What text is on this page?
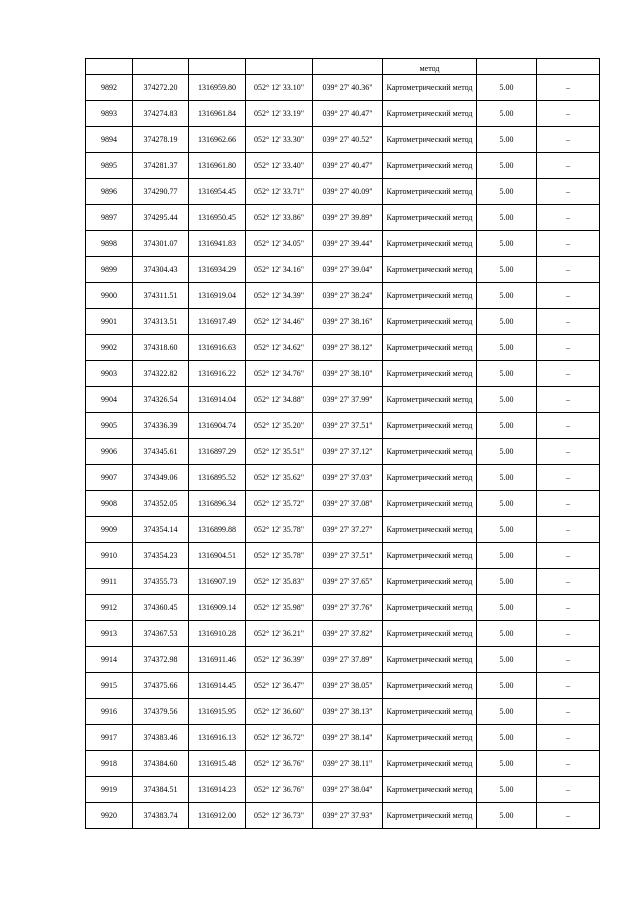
					метод		
9892	374272.20	1316959.80	052° 12' 33.10"	039° 27' 40.36"	Картометрический метод	5.00	–
9893	374274.83	1316961.84	052° 12' 33.19"	039° 27' 40.47"	Картометрический метод	5.00	–
9894	374278.19	1316962.66	052° 12' 33.30"	039° 27' 40.52"	Картометрический метод	5.00	–
9895	374281.37	1316961.80	052° 12' 33.40"	039° 27' 40.47"	Картометрический метод	5.00	–
9896	374290.77	1316954.45	052° 12' 33.71"	039° 27' 40.09"	Картометрический метод	5.00	–
9897	374295.44	1316950.45	052° 12' 33.86"	039° 27' 39.89"	Картометрический метод	5.00	–
9898	374301.07	1316941.83	052° 12' 34.05"	039° 27' 39.44"	Картометрический метод	5.00	–
9899	374304.43	1316934.29	052° 12' 34.16"	039° 27' 39.04"	Картометрический метод	5.00	–
9900	374311.51	1316919.04	052° 12' 34.39"	039° 27' 38.24"	Картометрический метод	5.00	–
9901	374313.51	1316917.49	052° 12' 34.46"	039° 27' 38.16"	Картометрический метод	5.00	–
9902	374318.60	1316916.63	052° 12' 34.62"	039° 27' 38.12"	Картометрический метод	5.00	–
9903	374322.82	1316916.22	052° 12' 34.76"	039° 27' 38.10"	Картометрический метод	5.00	–
9904	374326.54	1316914.04	052° 12' 34.88"	039° 27' 37.99"	Картометрический метод	5.00	–
9905	374336.39	1316904.74	052° 12' 35.20"	039° 27' 37.51"	Картометрический метод	5.00	–
9906	374345.61	1316897.29	052° 12' 35.51"	039° 27' 37.12"	Картометрический метод	5.00	–
9907	374349.06	1316895.52	052° 12' 35.62"	039° 27' 37.03"	Картометрический метод	5.00	–
9908	374352.05	1316896.34	052° 12' 35.72"	039° 27' 37.08"	Картометрический метод	5.00	–
9909	374354.14	1316899.88	052° 12' 35.78"	039° 27' 37.27"	Картометрический метод	5.00	–
9910	374354.23	1316904.51	052° 12' 35.78"	039° 27' 37.51"	Картометрический метод	5.00	–
9911	374355.73	1316907.19	052° 12' 35.83"	039° 27' 37.65"	Картометрический метод	5.00	–
9912	374360.45	1316909.14	052° 12' 35.98"	039° 27' 37.76"	Картометрический метод	5.00	–
9913	374367.53	1316910.28	052° 12' 36.21"	039° 27' 37.82"	Картометрический метод	5.00	–
9914	374372.98	1316911.46	052° 12' 36.39"	039° 27' 37.89"	Картометрический метод	5.00	–
9915	374375.66	1316914.45	052° 12' 36.47"	039° 27' 38.05"	Картометрический метод	5.00	–
9916	374379.56	1316915.95	052° 12' 36.60"	039° 27' 38.13"	Картометрический метод	5.00	–
9917	374383.46	1316916.13	052° 12' 36.72"	039° 27' 38.14"	Картометрический метод	5.00	–
9918	374384.60	1316915.48	052° 12' 36.76"	039° 27' 38.11"	Картометрический метод	5.00	–
9919	374384.51	1316914.23	052° 12' 36.76"	039° 27' 38.04"	Картометрический метод	5.00	–
9920	374383.74	1316912.00	052° 12' 36.73"	039° 27' 37.93"	Картометрический метод	5.00	–
